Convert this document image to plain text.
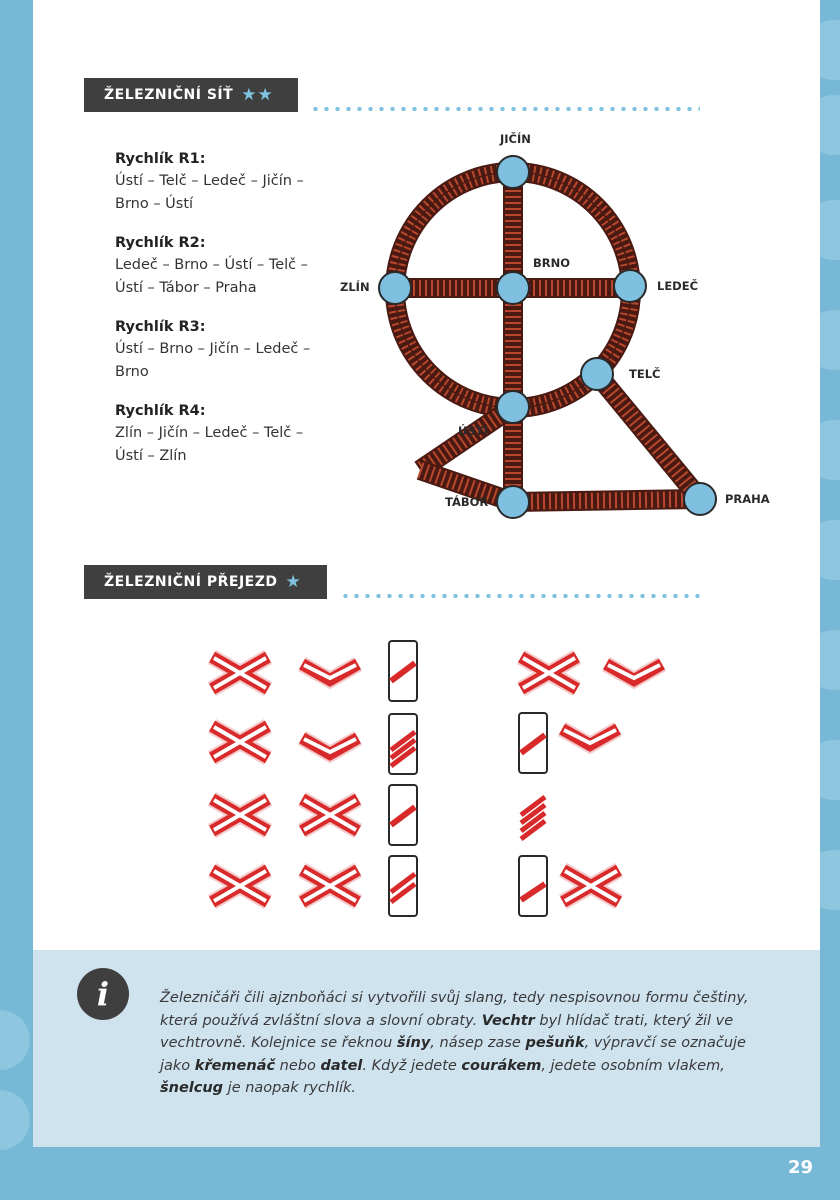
ŽELEZNIČNÍ SÍŤ ★★
Rychlík R1:
Ústí – Telč – Ledeč – Jičín – Brno – Ústí
Rychlík R2:
Ledeč – Brno – Ústí – Telč – Ústí – Tábor – Praha
Rychlík R3:
Ústí – Brno – Jičín – Ledeč – Brno
Rychlík R4:
Zlín – Jičín – Ledeč – Telč – Ústí – Zlín
JIČÍN
BRNO
ZLÍN	LEDEČ
TELČ
ÚSTÍ
TÁBOR	PRAHA
ŽELEZNIČNÍ PŘEJEZD ★
i	Železničáři čili ajznboňáci si vytvořili svůj slang, tedy nespisovnou formu češtiny, která používá zvláštní slova a slovní obraty. Vechtr byl hlídač trati, který žil ve vechtrovně. Kolejnice se řeknou šíny, násep zase pešuňk, výpravčí se označuje jako křemenáč nebo datel. Když jedete courákem, jedete osobním vlakem, šnelcug je naopak rychlík.
29
